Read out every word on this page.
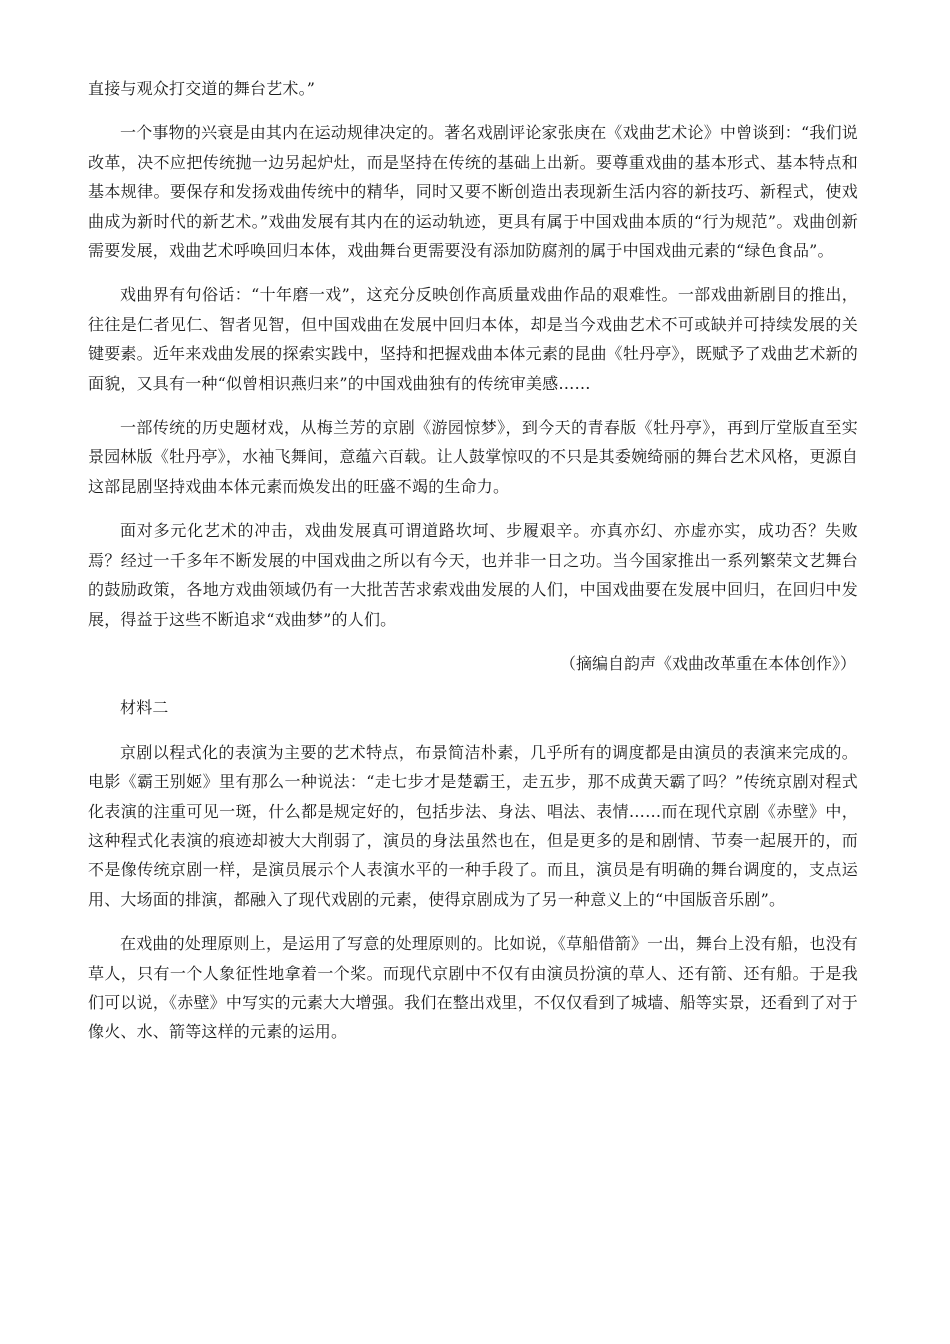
直接与观众打交道的舞台艺术。”

一个事物的兴衰是由其内在运动规律决定的。著名戏剧评论家张庚在《戏曲艺术论》中曾谈到：“我们说改革，决不应把传统抛一边另起炉灶，而是坚持在传统的基础上出新。要尊重戏曲的基本形式、基本特点和基本规律。要保存和发扬戏曲传统中的精华，同时又要不断创造出表现新生活内容的新技巧、新程式，使戏曲成为新时代的新艺术。”戏曲发展有其内在的运动轨迹，更具有属于中国戏曲本质的“行为规范”。戏曲创新需要发展，戏曲艺术呼唤回归本体，戏曲舞台更需要没有添加防腐剂的属于中国戏曲元素的“绿色食品”。

戏曲界有句俗话：“十年磨一戏”，这充分反映创作高质量戏曲作品的艰难性。一部戏曲新剧目的推出，往往是仁者见仁、智者见智，但中国戏曲在发展中回归本体，却是当今戏曲艺术不可或缺并可持续发展的关键要素。近年来戏曲发展的探索实践中，坚持和把握戏曲本体元素的昆曲《牡丹亭》，既赋予了戏曲艺术新的面貌，又具有一种“似曾相识燕归来”的中国戏曲独有的传统审美感……

一部传统的历史题材戏，从梅兰芳的京剧《游园惊梦》，到今天的青春版《牡丹亭》，再到厅堂版直至实景园林版《牡丹亭》，水袖飞舞间，意蕴六百载。让人鼓掌惊叹的不只是其委婉绮丽的舞台艺术风格，更源自这部昆剧坚持戏曲本体元素而焕发出的旺盛不竭的生命力。

面对多元化艺术的冲击，戏曲发展真可谓道路坎坷、步履艰辛。亦真亦幻、亦虚亦实，成功否？失败焉？经过一千多年不断发展的中国戏曲之所以有今天，也并非一日之功。当今国家推出一系列繁荣文艺舞台的鼓励政策，各地方戏曲领域仍有一大批苦苦求索戏曲发展的人们，中国戏曲要在发展中回归，在回归中发展，得益于这些不断追求“戏曲梦”的人们。

（摘编自韵声《戏曲改革重在本体创作》）

材料二

京剧以程式化的表演为主要的艺术特点，布景简洁朴素，几乎所有的调度都是由演员的表演来完成的。电影《霸王别姬》里有那么一种说法：“走七步才是楚霸王，走五步，那不成黄天霸了吗？”传统京剧对程式化表演的注重可见一斑，什么都是规定好的，包括步法、身法、唱法、表情……而在现代京剧《赤壁》中，这种程式化表演的痕迹却被大大削弱了，演员的身法虽然也在，但是更多的是和剧情、节奏一起展开的，而不是像传统京剧一样，是演员展示个人表演水平的一种手段了。而且，演员是有明确的舞台调度的，支点运用、大场面的排演，都融入了现代戏剧的元素，使得京剧成为了另一种意义上的“中国版音乐剧”。

在戏曲的处理原则上，是运用了写意的处理原则的。比如说，《草船借箭》一出，舞台上没有船，也没有草人，只有一个人象征性地拿着一个桨。而现代京剧中不仅有由演员扮演的草人、还有箭、还有船。于是我们可以说，《赤壁》中写实的元素大大增强。我们在整出戏里，不仅仅看到了城墙、船等实景，还看到了对于像火、水、箭等这样的元素的运用。
